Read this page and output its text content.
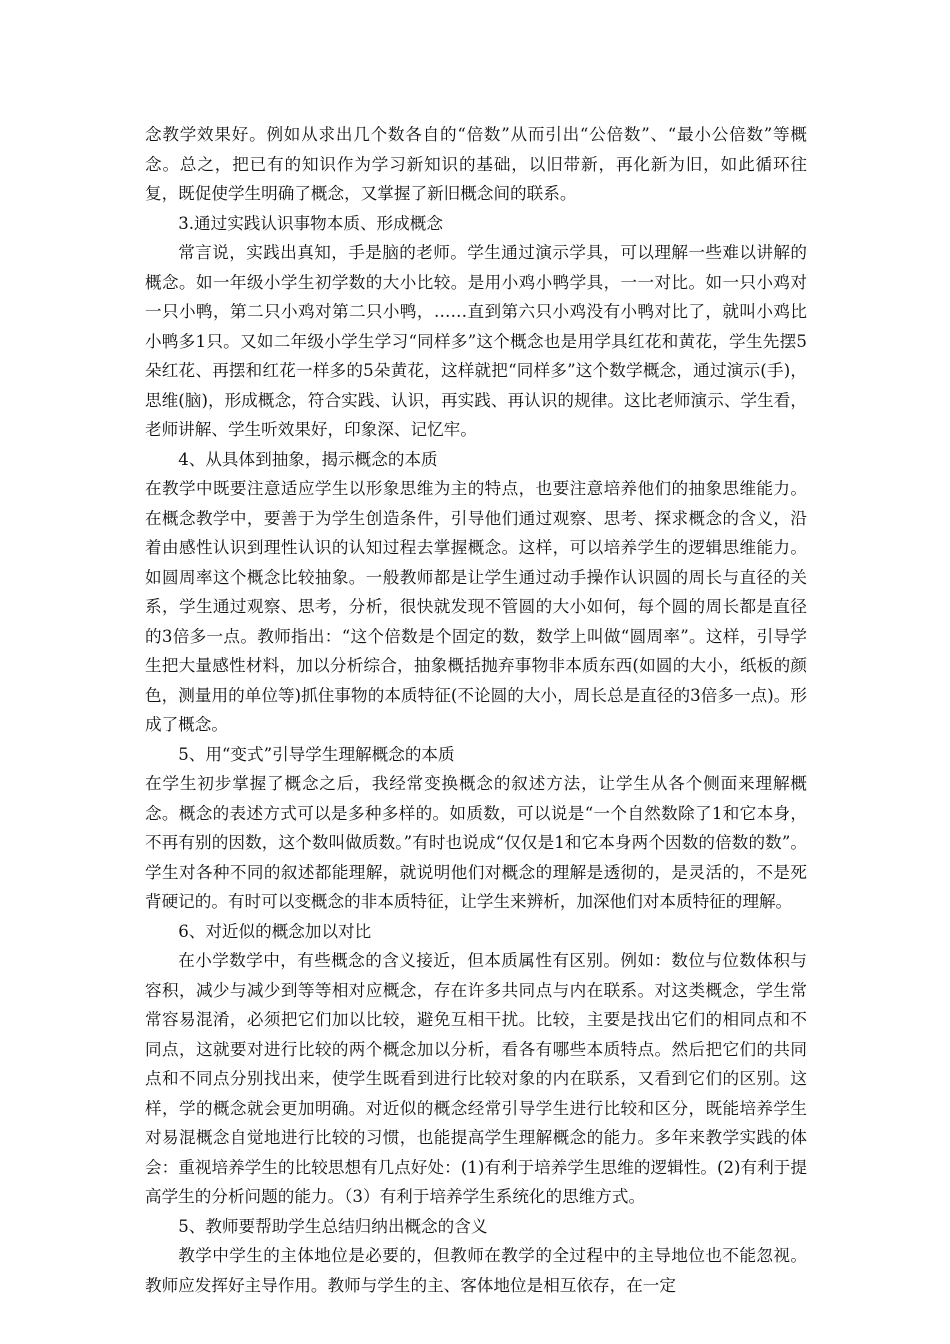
念教学效果好。例如从求出几个数各自的“倍数”从而引出“公倍数”、“最小公倍数”等概念。总之，把已有的知识作为学习新知识的基础，以旧带新，再化新为旧，如此循环往复，既促使学生明确了概念，又掌握了新旧概念间的联系。

3.通过实践认识事物本质、形成概念

常言说，实践出真知，手是脑的老师。学生通过演示学具，可以理解一些难以讲解的概念。如一年级小学生初学数的大小比较。是用小鸡小鸭学具，一一对比。如一只小鸡对一只小鸭，第二只小鸡对第二只小鸭，……直到第六只小鸡没有小鸭对比了，就叫小鸡比小鸭多1只。又如二年级小学生学习“同样多”这个概念也是用学具红花和黄花，学生先摆5朵红花、再摆和红花一样多的5朵黄花，这样就把“同样多”这个数学概念，通过演示(手)，思维(脑)，形成概念，符合实践、认识，再实践、再认识的规律。这比老师演示、学生看，老师讲解、学生听效果好，印象深、记忆牢。

4、从具体到抽象，揭示概念的本质

在教学中既要注意适应学生以形象思维为主的特点，也要注意培养他们的抽象思维能力。在概念教学中，要善于为学生创造条件，引导他们通过观察、思考、探求概念的含义，沿着由感性认识到理性认识的认知过程去掌握概念。这样，可以培养学生的逻辑思维能力。如圆周率这个概念比较抽象。一般教师都是让学生通过动手操作认识圆的周长与直径的关系，学生通过观察、思考，分析，很快就发现不管圆的大小如何，每个圆的周长都是直径的3倍多一点。教师指出：“这个倍数是个固定的数，数学上叫做“圆周率”。这样，引导学生把大量感性材料，加以分析综合，抽象概括抛弃事物非本质东西(如圆的大小，纸板的颜色，测量用的单位等)抓住事物的本质特征(不论圆的大小，周长总是直径的3倍多一点)。形成了概念。

5、用“变式”引导学生理解概念的本质

在学生初步掌握了概念之后，我经常变换概念的叙述方法，让学生从各个侧面来理解概念。概念的表述方式可以是多种多样的。如质数，可以说是“一个自然数除了1和它本身，不再有别的因数，这个数叫做质数。”有时也说成“仅仅是1和它本身两个因数的倍数的数”。学生对各种不同的叙述都能理解，就说明他们对概念的理解是透彻的，是灵活的，不是死背硬记的。有时可以变概念的非本质特征，让学生来辨析，加深他们对本质特征的理解。

6、对近似的概念加以对比

在小学数学中，有些概念的含义接近，但本质属性有区别。例如：数位与位数体积与容积，减少与减少到等等相对应概念，存在许多共同点与内在联系。对这类概念，学生常常容易混淆，必须把它们加以比较，避免互相干扰。比较，主要是找出它们的相同点和不同点，这就要对进行比较的两个概念加以分析，看各有哪些本质特点。然后把它们的共同点和不同点分别找出来，使学生既看到进行比较对象的内在联系，又看到它们的区别。这样，学的概念就会更加明确。对近似的概念经常引导学生进行比较和区分，既能培养学生对易混概念自觉地进行比较的习惯，也能提高学生理解概念的能力。多年来教学实践的体会：重视培养学生的比较思想有几点好处：(1)有利于培养学生思维的逻辑性。(2)有利于提高学生的分析问题的能力。（3）有利于培养学生系统化的思维方式。

5、教师要帮助学生总结归纳出概念的含义

教学中学生的主体地位是必要的，但教师在教学的全过程中的主导地位也不能忽视。教师应发挥好主导作用。教师与学生的主、客体地位是相互依存，在一定
